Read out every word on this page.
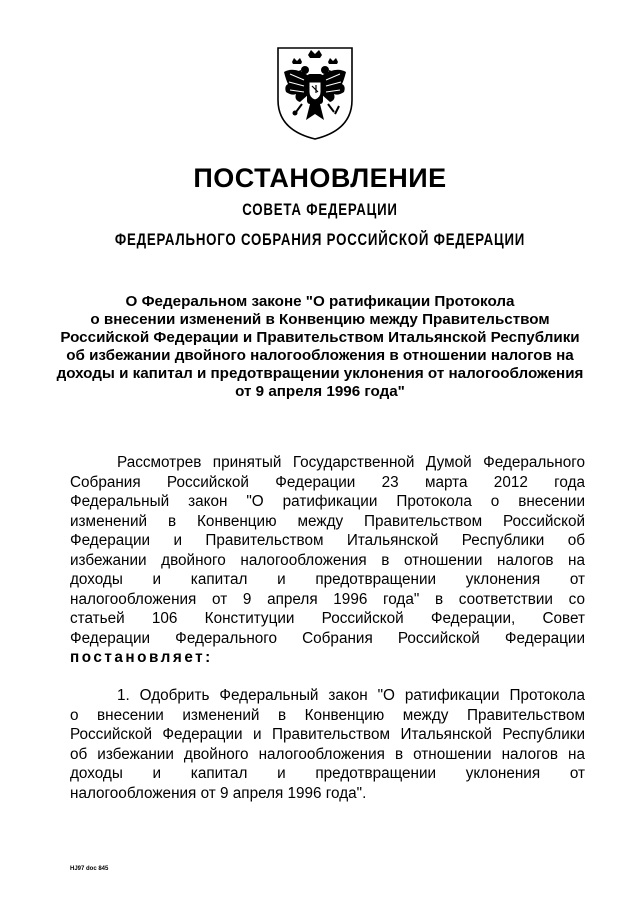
ПОСТАНОВЛЕНИЕ
СОВЕТА ФЕДЕРАЦИИ
ФЕДЕРАЛЬНОГО СОБРАНИЯ РОССИЙСКОЙ ФЕДЕРАЦИИ
О Федеральном законе "О ратификации Протокола
о внесении изменений в Конвенцию между Правительством
Российской Федерации и Правительством Итальянской Республики
об избежании двойного налогообложения в отношении налогов на
доходы и капитал и предотвращении уклонения от налогообложения
от 9 апреля 1996 года"
Рассмотрев принятый Государственной Думой Федерального
Собрания Российской Федерации 23 марта 2012 года
Федеральный закон "О ратификации Протокола о внесении
изменений в Конвенцию между Правительством Российской
Федерации и Правительством Итальянской Республики об
избежании двойного налогообложения в отношении налогов на
доходы и капитал и предотвращении уклонения от
налогообложения от 9 апреля 1996 года" в соответствии со
статьей 106 Конституции Российской Федерации, Совет
Федерации Федерального Собрания Российской Федерации
постановляет:
1. Одобрить Федеральный закон "О ратификации Протокола
о внесении изменений в Конвенцию между Правительством
Российской Федерации и Правительством Итальянской Республики
об избежании двойного налогообложения в отношении налогов на
доходы и капитал и предотвращении уклонения от
налогообложения от 9 апреля 1996 года".
НJ97 doc 845
